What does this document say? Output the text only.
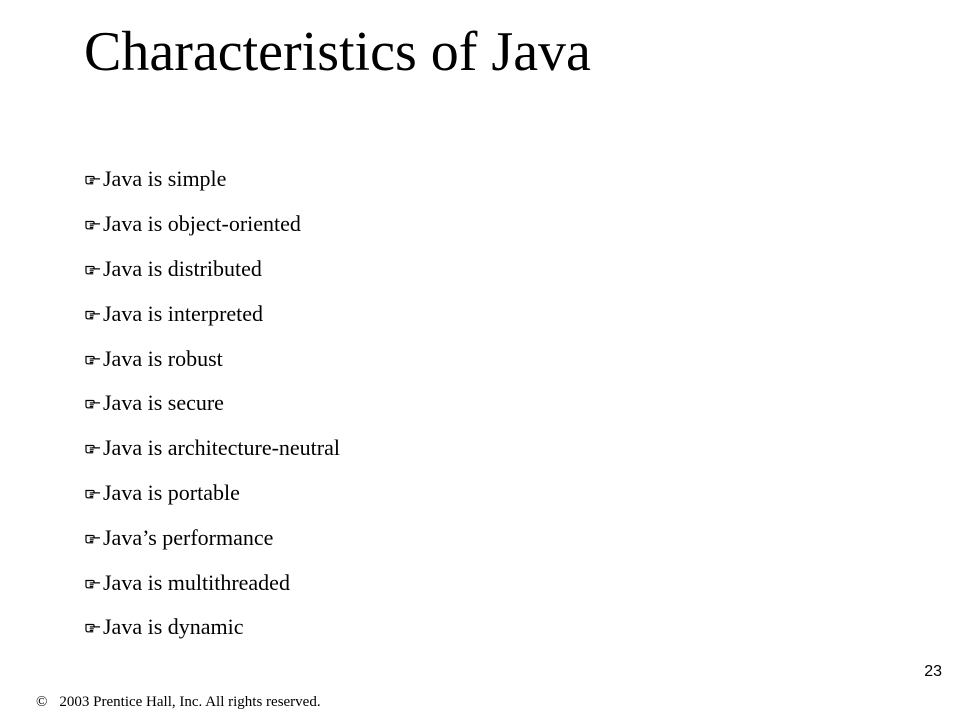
Characteristics of Java
Java is simple
Java is object-oriented
Java is distributed
Java is interpreted
Java is robust
Java is secure
Java is architecture-neutral
Java is portable
Java’s performance
Java is multithreaded
Java is dynamic
23
© 2003 Prentice Hall, Inc. All rights reserved.
